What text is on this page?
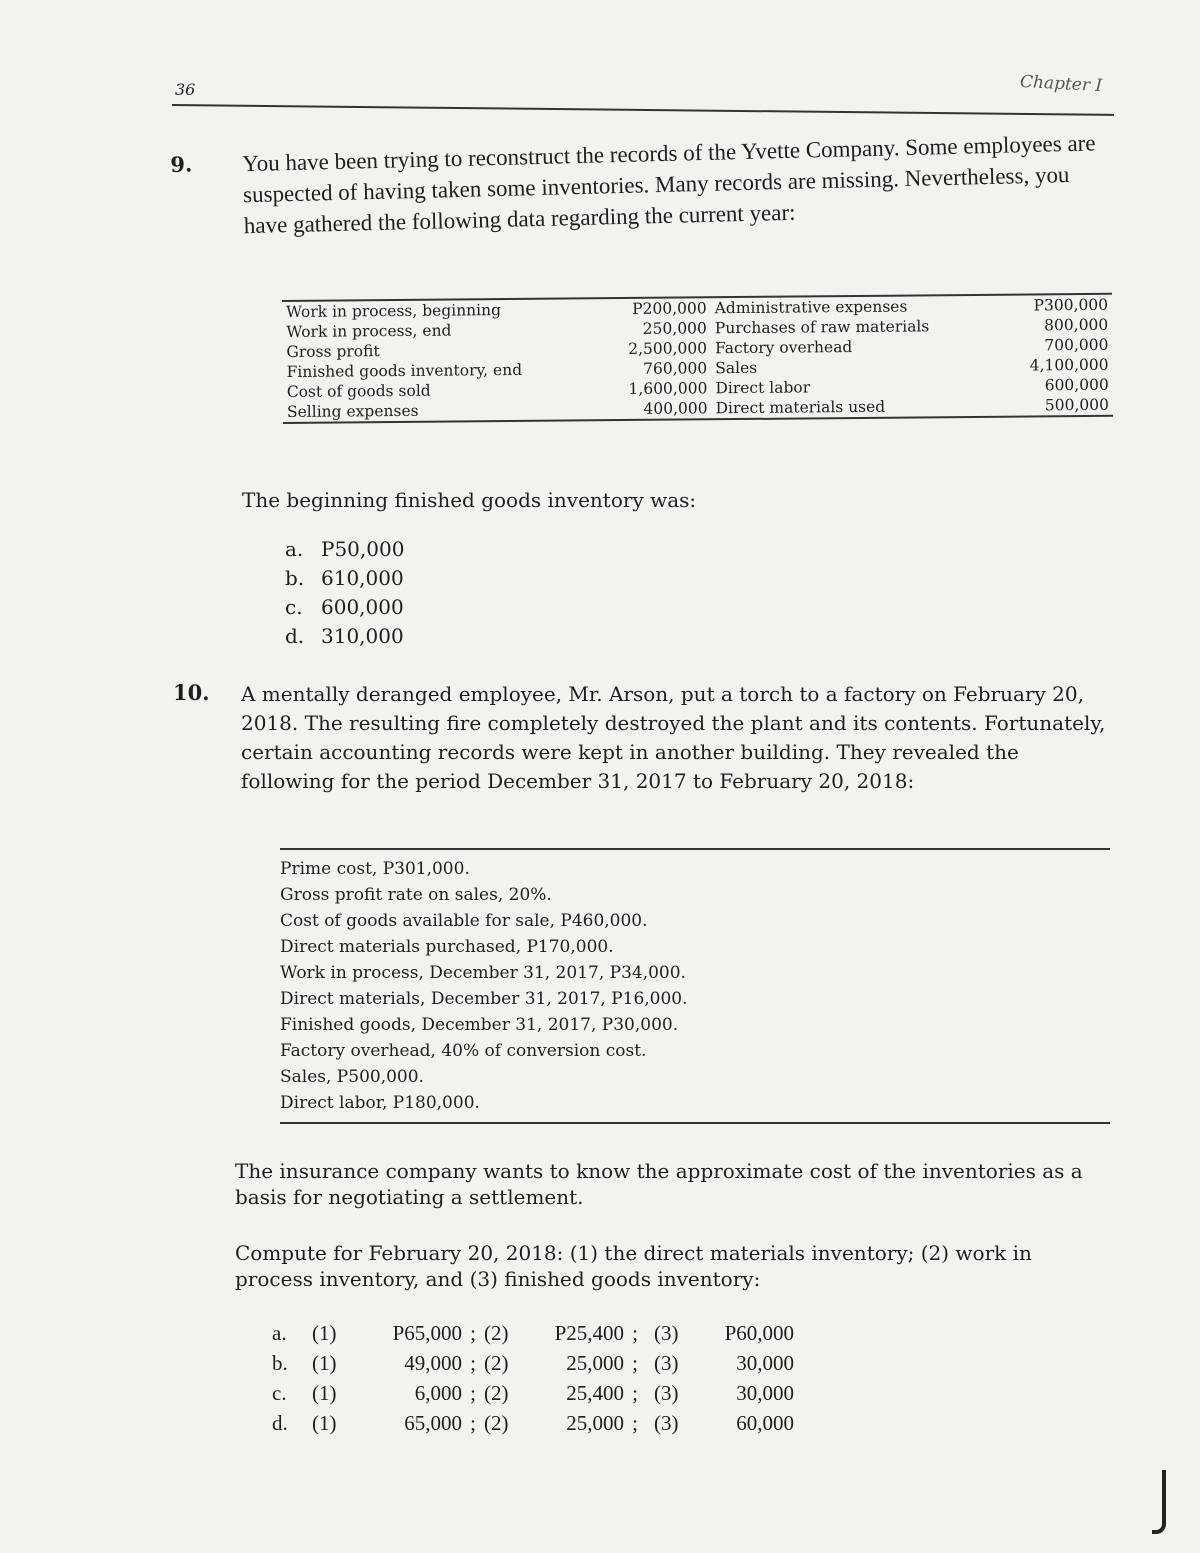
36	Chapter I
9. You have been trying to reconstruct the records of the Yvette Company. Some employees are suspected of having taken some inventories. Many records are missing. Nevertheless, you have gathered the following data regarding the current year:

Work in process, beginning	P200,000	Administrative expenses	P300,000
Work in process, end	250,000	Purchases of raw materials	800,000
Gross profit	2,500,000	Factory overhead	700,000
Finished goods inventory, end	760,000	Sales	4,100,000
Cost of goods sold	1,600,000	Direct labor	600,000
Selling expenses	400,000	Direct materials used	500,000
The beginning finished goods inventory was:
a. P50,000
b. 610,000
c. 600,000
d. 310,000
10. A mentally deranged employee, Mr. Arson, put a torch to a factory on February 20, 2018. The resulting fire completely destroyed the plant and its contents. Fortunately, certain accounting records were kept in another building. They revealed the following for the period December 31, 2017 to February 20, 2018:

Prime cost, P301,000.
Gross profit rate on sales, 20%.
Cost of goods available for sale, P460,000.
Direct materials purchased, P170,000.
Work in process, December 31, 2017, P34,000.
Direct materials, December 31, 2017, P16,000.
Finished goods, December 31, 2017, P30,000.
Factory overhead, 40% of conversion cost.
Sales, P500,000.
Direct labor, P180,000.
The insurance company wants to know the approximate cost of the inventories as a basis for negotiating a settlement.
Compute for February 20, 2018: (1) the direct materials inventory; (2) work in process inventory, and (3) finished goods inventory:
a.	(1)	P65,000 ; (2)	P25,400 ; (3)	P60,000
b.	(1)	49,000 ; (2)	25,000 ; (3)	30,000
c.	(1)	6,000 ; (2)	25,400 ; (3)	30,000
d.	(1)	65,000 ; (2)	25,000 ; (3)	60,000
